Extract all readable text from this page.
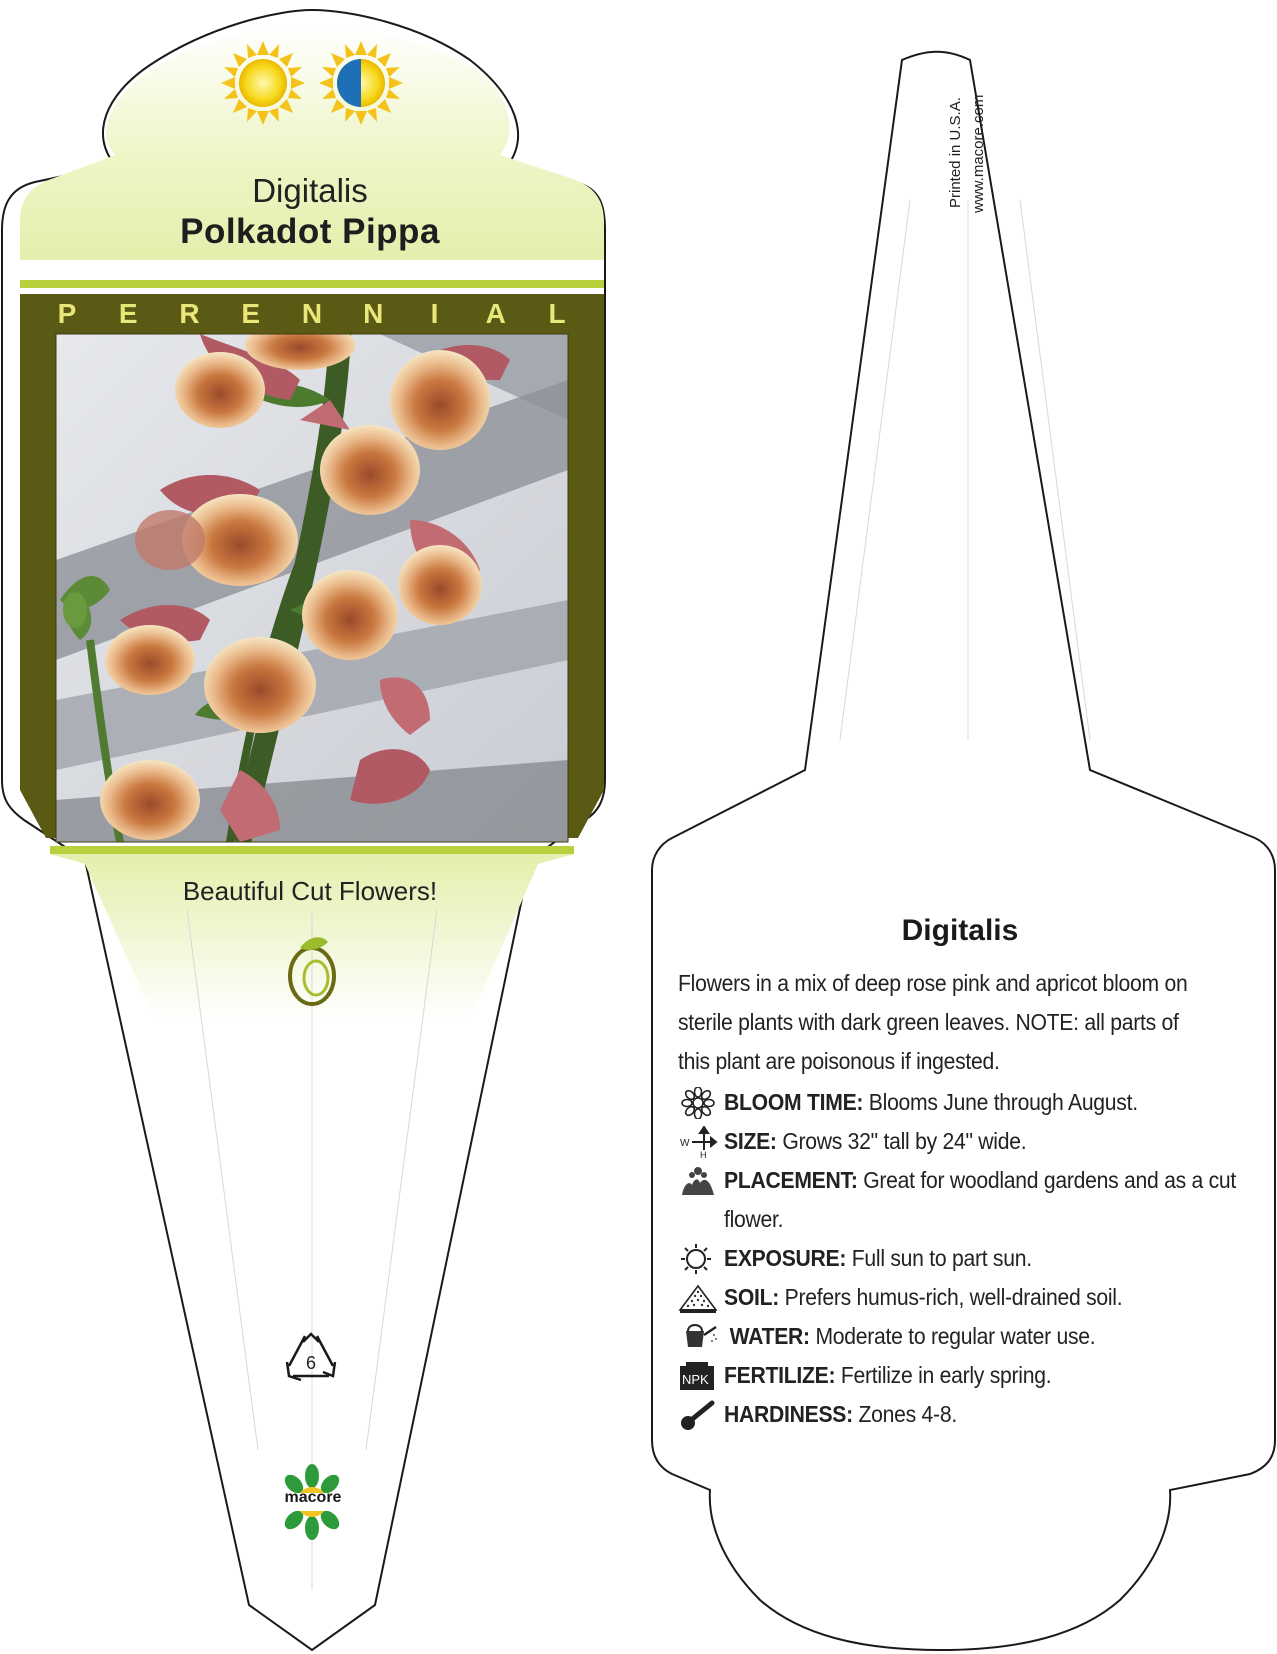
Digitalis
Polkadot Pippa
P E R E N N	I	A L
Beautiful Cut Flowers!
6
macore
Printed in U.S.A. www.macore.com
Digitalis
Flowers in a mix of deep rose pink and apricot bloom on sterile plants with dark green leaves. NOTE: all parts of this plant are poisonous if ingested.
BLOOM TIME: Blooms June through August.
W
H
SIZE: Grows 32" tall by 24" wide.
PLACEMENT: Great for woodland gardens and as a cut flower.
EXPOSURE: Full sun to part sun.
SOIL: Prefers humus-rich, well-drained soil.
WATER: Moderate to regular water use.
NPK FERTILIZE: Fertilize in early spring.
HARDINESS: Zones 4-8.
